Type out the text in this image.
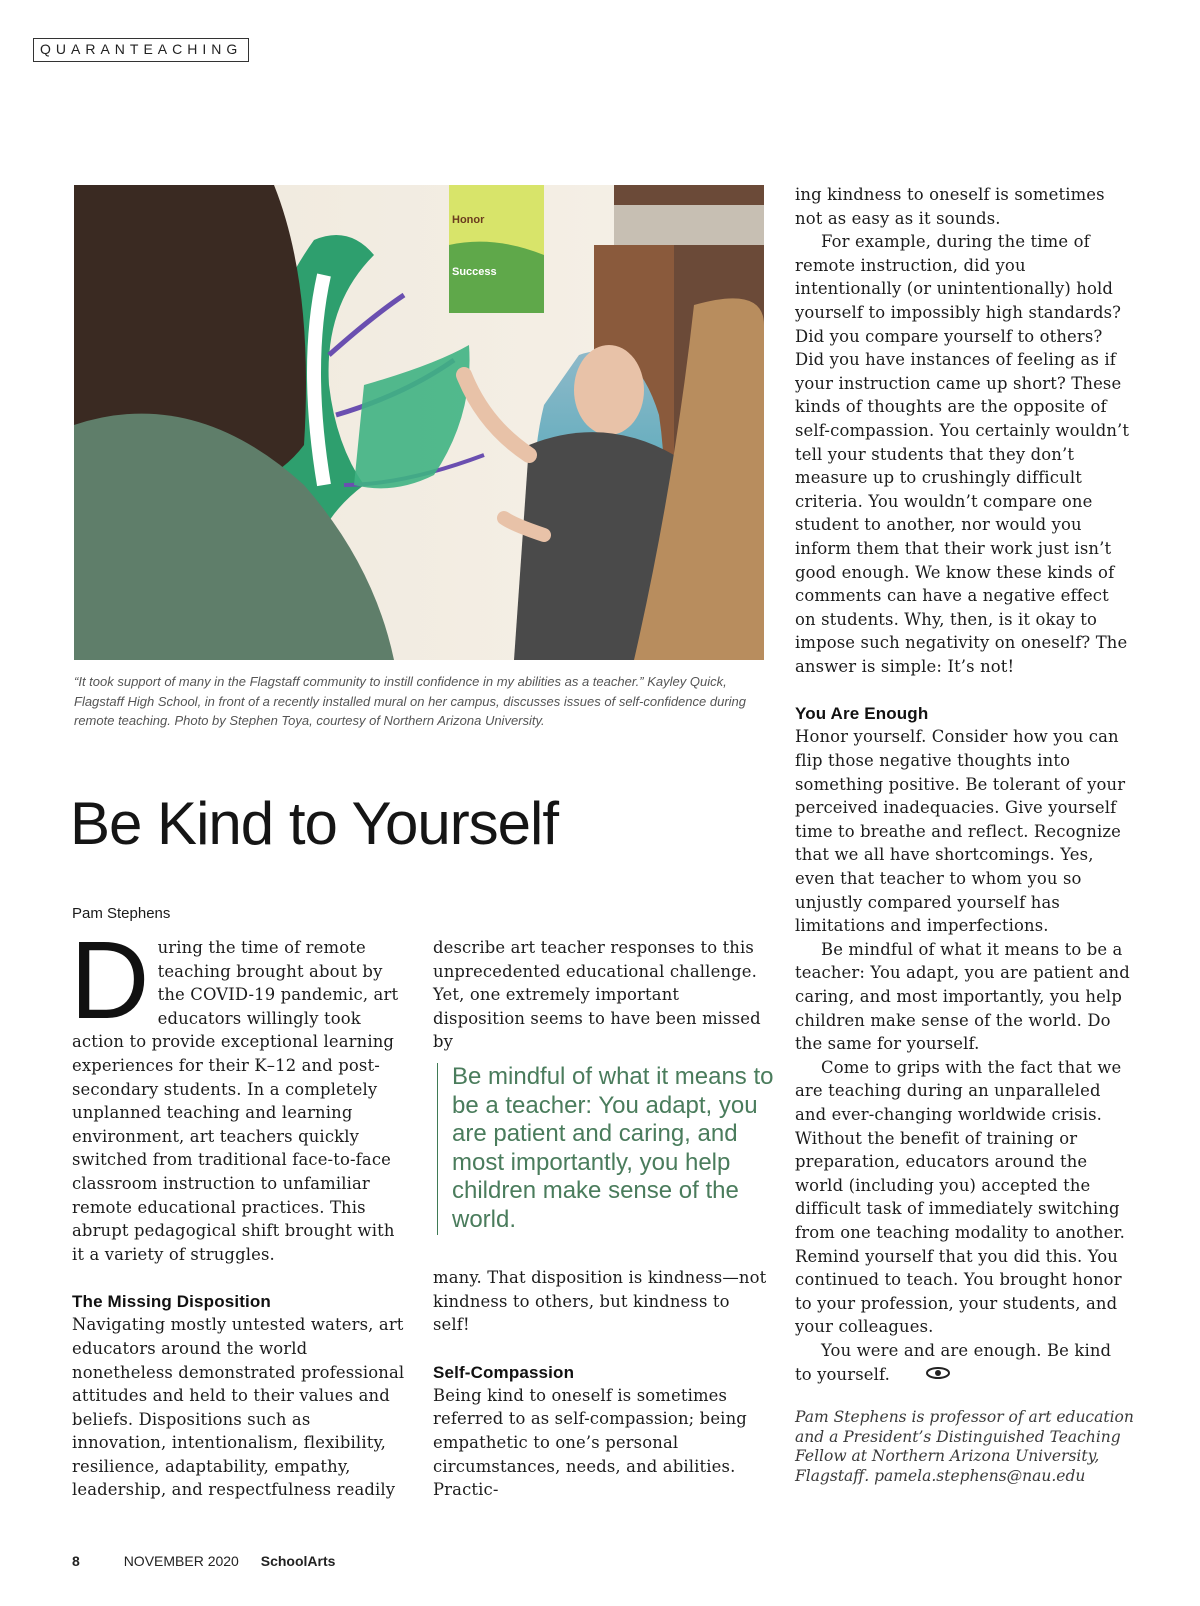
QUARANTEACHING
Honor
Success
“It took support of many in the Flagstaff community to instill confidence in my abilities as a teacher.” Kayley Quick, Flagstaff High School, in front of a recently installed mural on her campus, discusses issues of self-confidence during remote teaching. Photo by Stephen Toya, courtesy of Northern Arizona University.
Be Kind to Yourself
Pam Stephens

D uring the time of remote teaching brought about by the COVID-19 pandemic, art educators willingly took action to provide exceptional learning experiences for their K–12 and post-secondary students. In a completely unplanned teaching and learning environment, art teachers quickly switched from traditional face-to-face classroom instruction to unfamiliar remote educational practices. This abrupt pedagogical shift brought with it a variety of struggles.

The Missing Disposition

Navigating mostly untested waters, art educators around the world nonetheless demonstrated professional attitudes and held to their values and beliefs. Dispositions such as innovation, intentionalism, flexibility, resilience, adaptability, empathy, leadership, and respectfulness readily

describe art teacher responses to this unprecedented educational challenge. Yet, one extremely important disposition seems to have been missed by

Be mindful of what it means to be a teacher: You adapt, you are patient and caring, and most importantly, you help children make sense of the world.

many. That disposition is kindness—not kindness to others, but kindness to self!

Self-Compassion

Being kind to oneself is sometimes referred to as self-compassion; being empathetic to one’s personal circumstances, needs, and abilities. Practic-

ing kindness to oneself is sometimes not as easy as it sounds.

For example, during the time of remote instruction, did you intentionally (or unintentionally) hold yourself to impossibly high standards? Did you compare yourself to others? Did you have instances of feeling as if your instruction came up short? These kinds of thoughts are the opposite of self-compassion. You certainly wouldn’t tell your students that they don’t measure up to crushingly difficult criteria. You wouldn’t compare one student to another, nor would you inform them that their work just isn’t good enough. We know these kinds of comments can have a negative effect on students. Why, then, is it okay to impose such negativity on oneself? The answer is simple: It’s not!

You Are Enough

Honor yourself. Consider how you can flip those negative thoughts into something positive. Be tolerant of your perceived inadequacies. Give yourself time to breathe and reflect. Recognize that we all have shortcomings. Yes, even that teacher to whom you so unjustly compared yourself has limitations and imperfections.

Be mindful of what it means to be a teacher: You adapt, you are patient and caring, and most importantly, you help children make sense of the world. Do the same for yourself.

Come to grips with the fact that we are teaching during an unparalleled and ever-changing worldwide crisis. Without the benefit of training or preparation, educators around the world (including you) accepted the difficult task of immediately switching from one teaching modality to another. Remind yourself that you did this. You continued to teach. You brought honor to your profession, your students, and your colleagues.

You were and are enough. Be kind to yourself.

Pam Stephens is professor of art education and a President’s Distinguished Teaching Fellow at Northern Arizona University, Flagstaff. pamela.stephens@nau.edu
8	NOVEMBER 2020 SchoolArts
